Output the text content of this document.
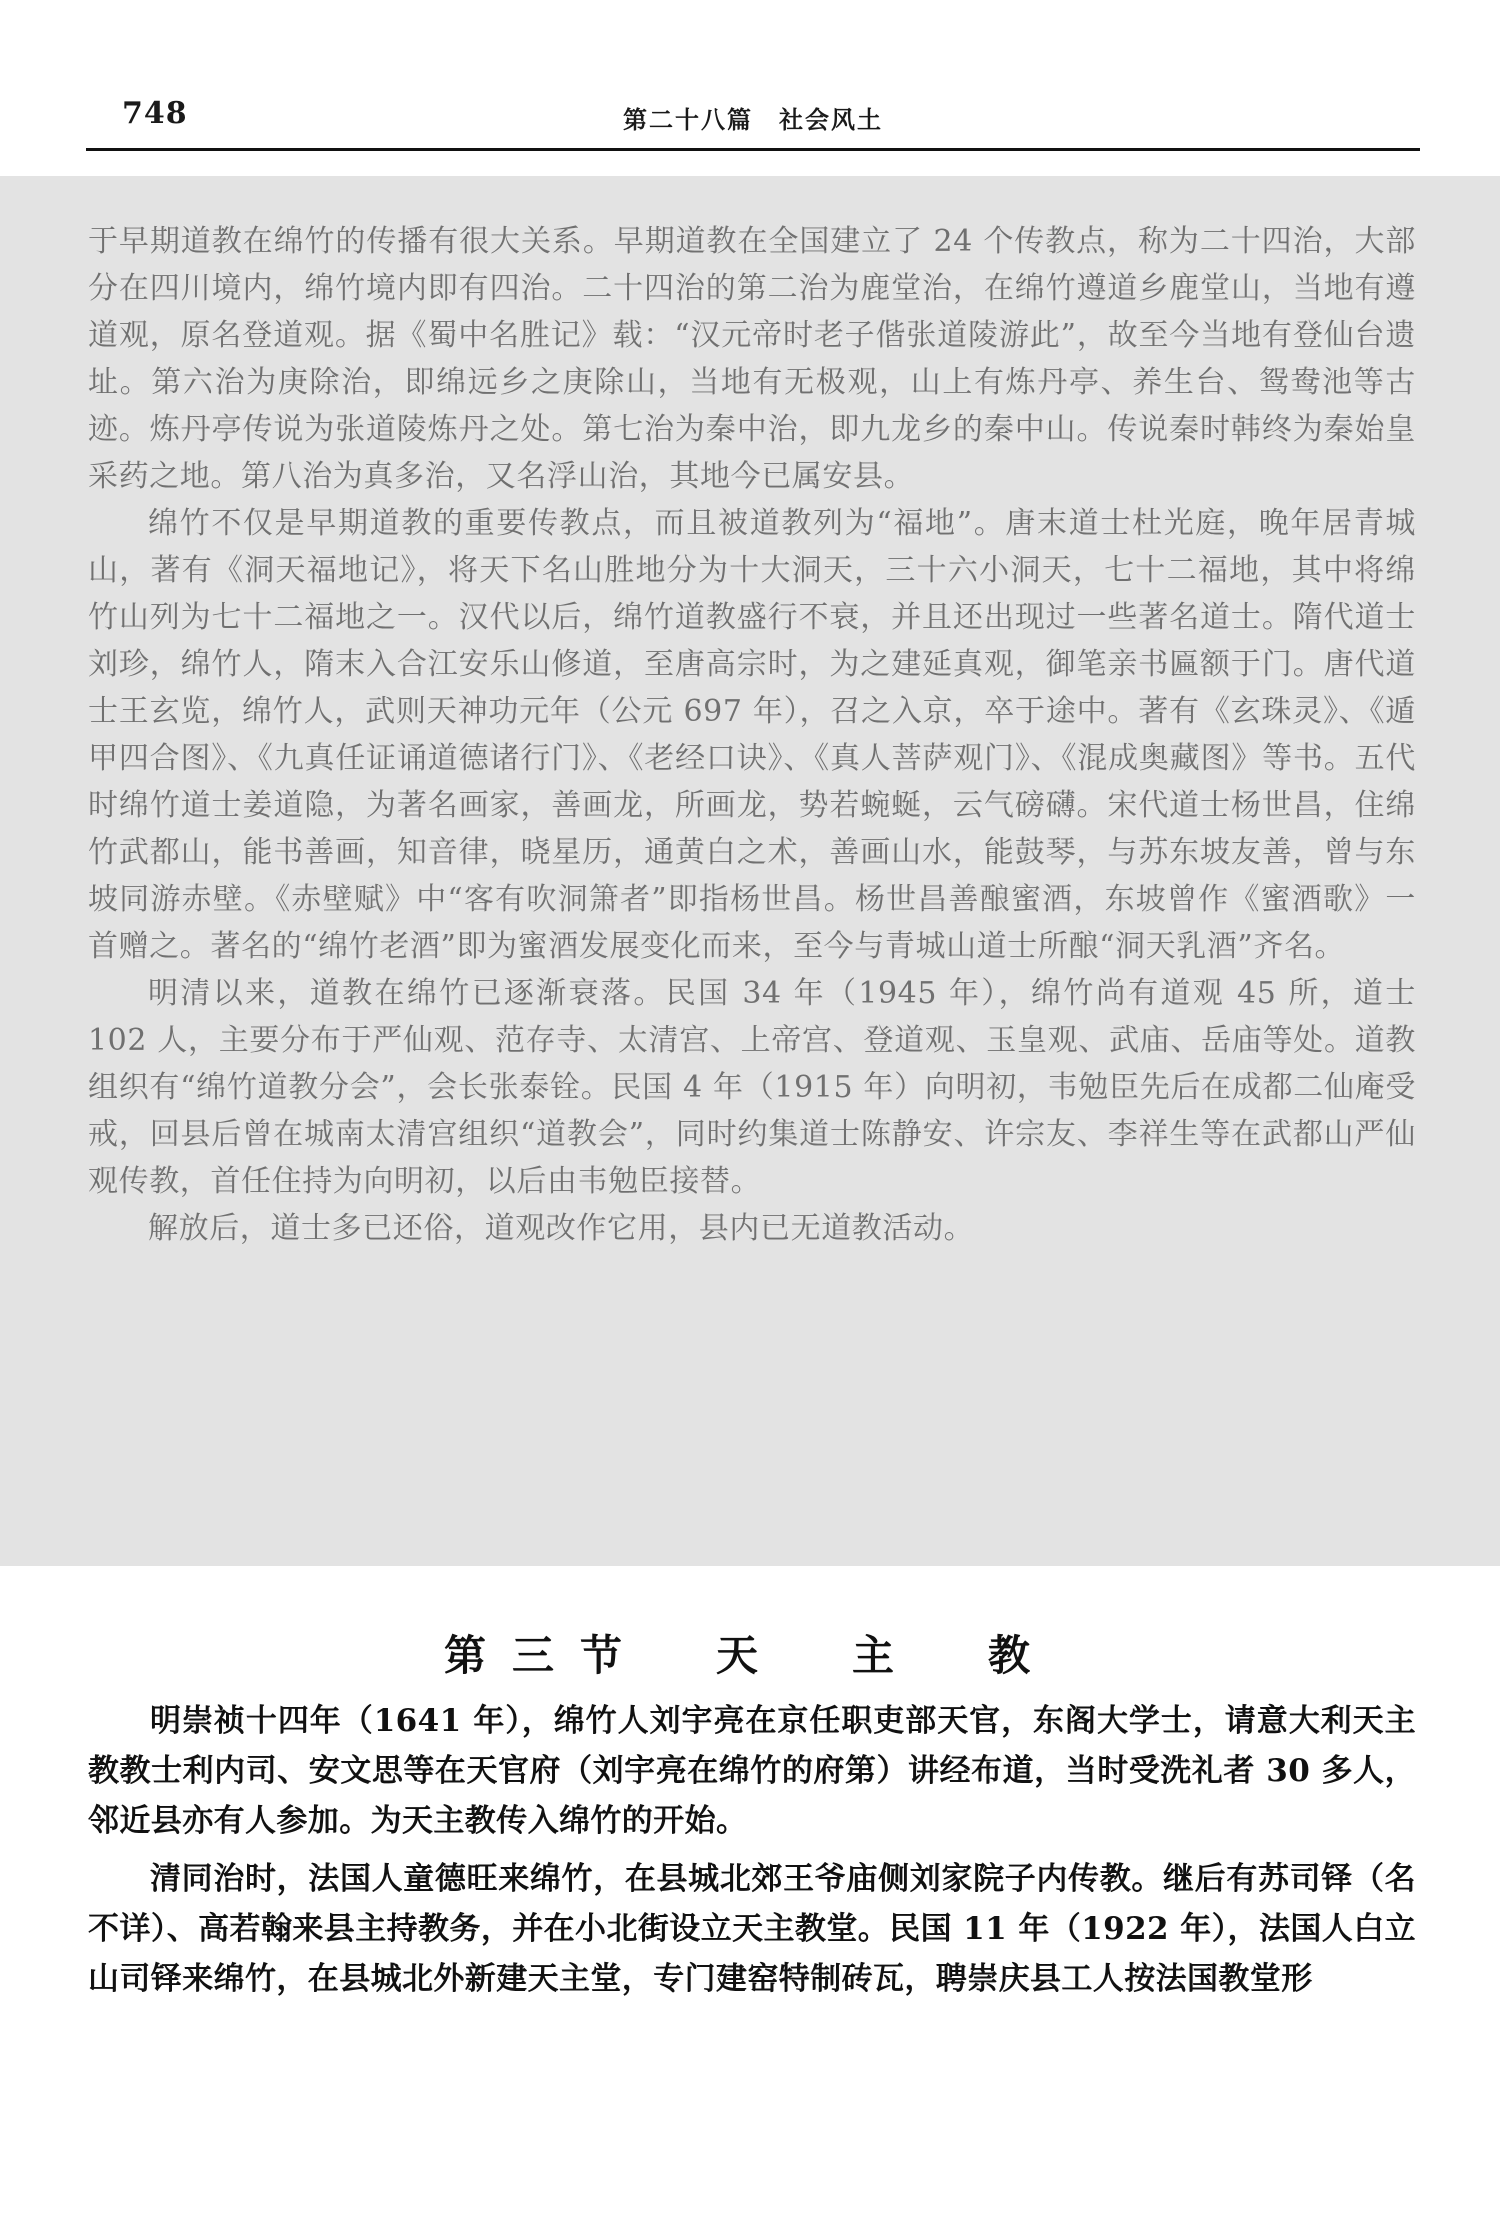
748	第二十八篇　社会风土

于早期道教在绵竹的传播有很大关系。早期道教在全国建立了 24 个传教点，称为二十四治，大部分在四川境内，绵竹境内即有四治。二十四治的第二治为鹿堂治，在绵竹遵道乡鹿堂山，当地有遵道观，原名登道观。据《蜀中名胜记》载：“汉元帝时老子偕张道陵游此”，故至今当地有登仙台遗址。第六治为庚除治，即绵远乡之庚除山，当地有无极观，山上有炼丹亭、养生台、鸳鸯池等古迹。炼丹亭传说为张道陵炼丹之处。第七治为秦中治，即九龙乡的秦中山。传说秦时韩终为秦始皇采药之地。第八治为真多治，又名浮山治，其地今已属安县。

绵竹不仅是早期道教的重要传教点，而且被道教列为“福地”。唐末道士杜光庭，晚年居青城山，著有《洞天福地记》，将天下名山胜地分为十大洞天，三十六小洞天，七十二福地，其中将绵竹山列为七十二福地之一。汉代以后，绵竹道教盛行不衰，并且还出现过一些著名道士。隋代道士刘珍，绵竹人，隋末入合江安乐山修道，至唐高宗时，为之建延真观，御笔亲书匾额于门。唐代道士王玄览，绵竹人，武则天神功元年（公元 697 年），召之入京，卒于途中。著有《玄珠灵》、《遁甲四合图》、《九真任证诵道德诸行门》、《老经口诀》、《真人菩萨观门》、《混成奥藏图》等书。五代时绵竹道士姜道隐，为著名画家，善画龙，所画龙，势若蜿蜒，云气磅礴。宋代道士杨世昌，住绵竹武都山，能书善画，知音律，晓星历，通黄白之术，善画山水，能鼓琴，与苏东坡友善，曾与东坡同游赤壁。《赤壁赋》中“客有吹洞箫者”即指杨世昌。杨世昌善酿蜜酒，东坡曾作《蜜酒歌》一首赠之。著名的“绵竹老酒”即为蜜酒发展变化而来，至今与青城山道士所酿“洞天乳酒”齐名。

明清以来，道教在绵竹已逐渐衰落。民国 34 年（1945 年），绵竹尚有道观 45 所，道士 102 人，主要分布于严仙观、范存寺、太清宫、上帝宫、登道观、玉皇观、武庙、岳庙等处。道教组织有“绵竹道教分会”，会长张泰铨。民国 4 年（1915 年）向明初，韦勉臣先后在成都二仙庵受戒，回县后曾在城南太清宫组织“道教会”，同时约集道士陈静安、许宗友、李祥生等在武都山严仙观传教，首任住持为向明初，以后由韦勉臣接替。

解放后，道士多已还俗，道观改作它用，县内已无道教活动。

第三节　天　主　教

明崇祯十四年（1641 年），绵竹人刘宇亮在京任职吏部天官，东阁大学士，请意大利天主教教士利内司、安文思等在天官府（刘宇亮在绵竹的府第）讲经布道，当时受洗礼者 30 多人，邻近县亦有人参加。为天主教传入绵竹的开始。

清同治时，法国人童德旺来绵竹，在县城北郊王爷庙侧刘家院子内传教。继后有苏司铎（名不详）、高若翰来县主持教务，并在小北街设立天主教堂。民国 11 年（1922 年），法国人白立山司铎来绵竹，在县城北外新建天主堂，专门建窑特制砖瓦，聘崇庆县工人按法国教堂形
